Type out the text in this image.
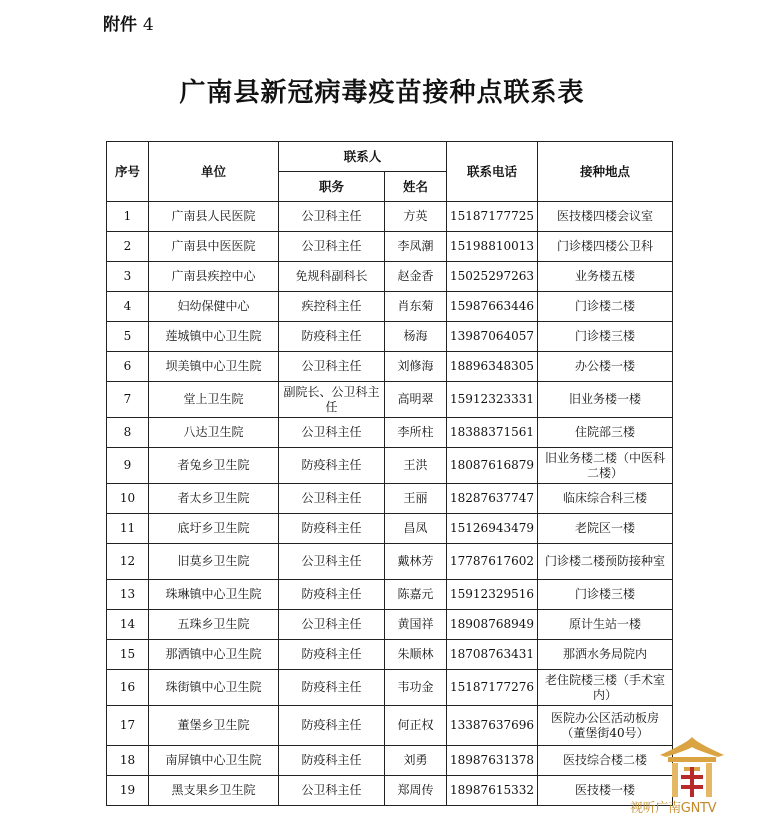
附件 4
广南县新冠病毒疫苗接种点联系表
序号	单位	联系人		联系电话	接种地点
		职务	姓名		
1	广南县人民医院	公卫科主任	方英	15187177725	医技楼四楼会议室
2	广南县中医医院	公卫科主任	李凤潮	15198810013	门诊楼四楼公卫科
3	广南县疾控中心	免规科副科长	赵金香	15025297263	业务楼五楼
4	妇幼保健中心	疾控科主任	肖东菊	15987663446	门诊楼二楼
5	莲城镇中心卫生院	防疫科主任	杨海	13987064057	门诊楼三楼
6	坝美镇中心卫生院	公卫科主任	刘修海	18896348305	办公楼一楼
7	堂上卫生院	副院长、公卫科主任	高明翠	15912323331	旧业务楼一楼
8	八达卫生院	公卫科主任	李所柱	18388371561	住院部三楼
9	者兔乡卫生院	防疫科主任	王洪	18087616879	旧业务楼二楼（中医科二楼）
10	者太乡卫生院	公卫科主任	王丽	18287637747	临床综合科三楼
11	底圩乡卫生院	防疫科主任	昌凤	15126943479	老院区一楼
12	旧莫乡卫生院	公卫科主任	戴林芳	17787617602	门诊楼二楼预防接种室
13	珠琳镇中心卫生院	防疫科主任	陈嘉元	15912329516	门诊楼三楼
14	五珠乡卫生院	公卫科主任	黄国祥	18908768949	原计生站一楼
15	那洒镇中心卫生院	防疫科主任	朱顺林	18708763431	那洒水务局院内
16	珠街镇中心卫生院	防疫科主任	韦功金	15187177276	老住院楼三楼（手术室内）
17	董堡乡卫生院	防疫科主任	何正权	13387637696	医院办公区活动板房（董堡街40号）
18	南屏镇中心卫生院	防疫科主任	刘勇	18987631378	医技综合楼二楼
19	黑支果乡卫生院	公卫科主任	郑周传	18987615332	医技楼一楼
视听广南GNTV
